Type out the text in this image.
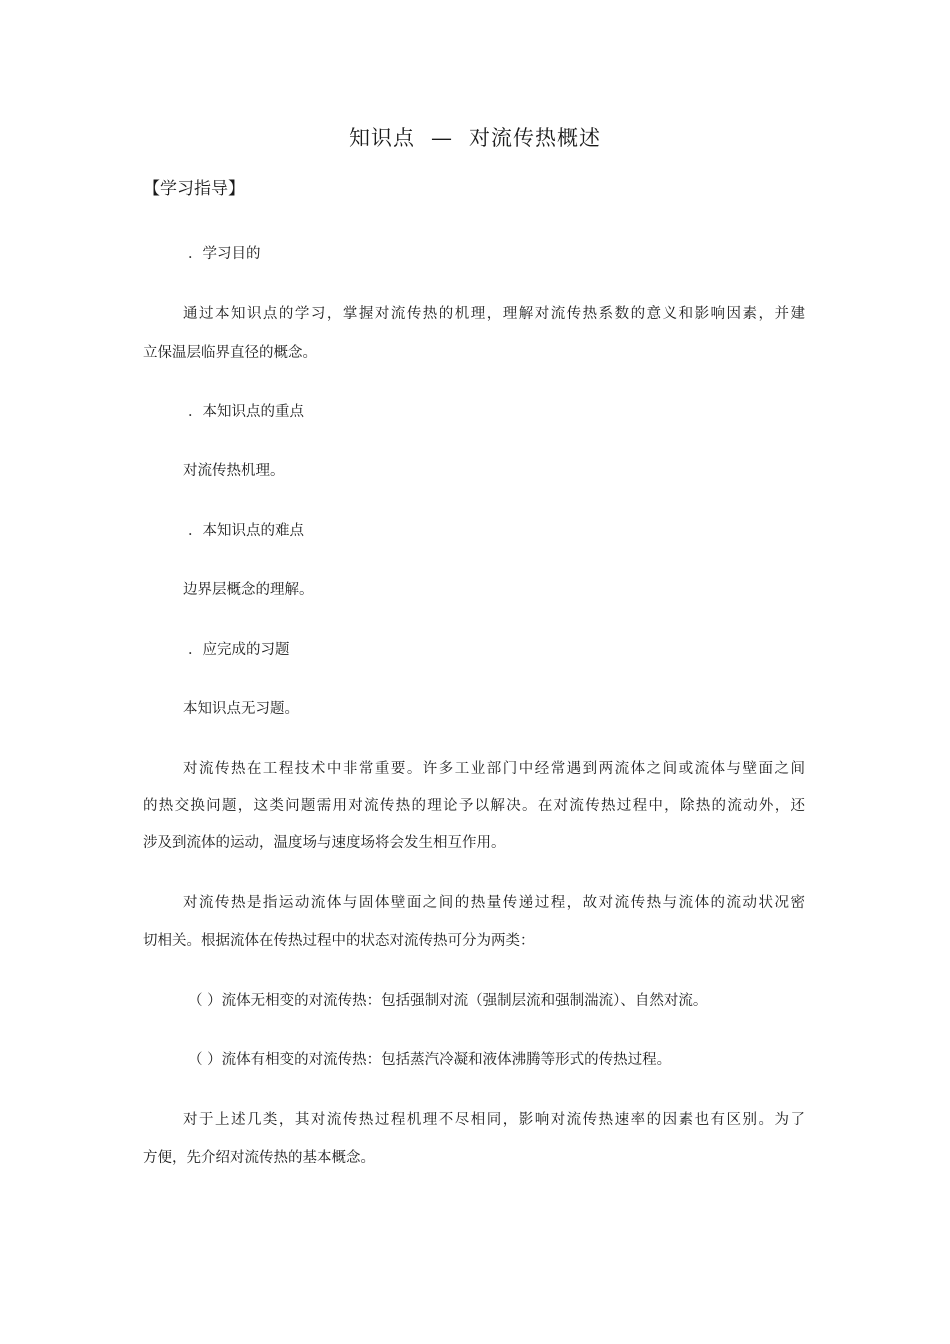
知识点 — 对流传热概述
【学习指导】
．学习目的
通过本知识点的学习，掌握对流传热的机理，理解对流传热系数的意义和影响因素，并建
立保温层临界直径的概念。
．本知识点的重点
对流传热机理。
．本知识点的难点
边界层概念的理解。
．应完成的习题
本知识点无习题。
对流传热在工程技术中非常重要。许多工业部门中经常遇到两流体之间或流体与壁面之间
的热交换问题，这类问题需用对流传热的理论予以解决。在对流传热过程中，除热的流动外，还
涉及到流体的运动，温度场与速度场将会发生相互作用。
对流传热是指运动流体与固体壁面之间的热量传递过程，故对流传热与流体的流动状况密
切相关。根据流体在传热过程中的状态对流传热可分为两类：
（ ）流体无相变的对流传热：包括强制对流（强制层流和强制湍流）、自然对流。
（ ）流体有相变的对流传热：包括蒸汽冷凝和液体沸腾等形式的传热过程。
对于上述几类，其对流传热过程机理不尽相同，影响对流传热速率的因素也有区别。为了
方便，先介绍对流传热的基本概念。
